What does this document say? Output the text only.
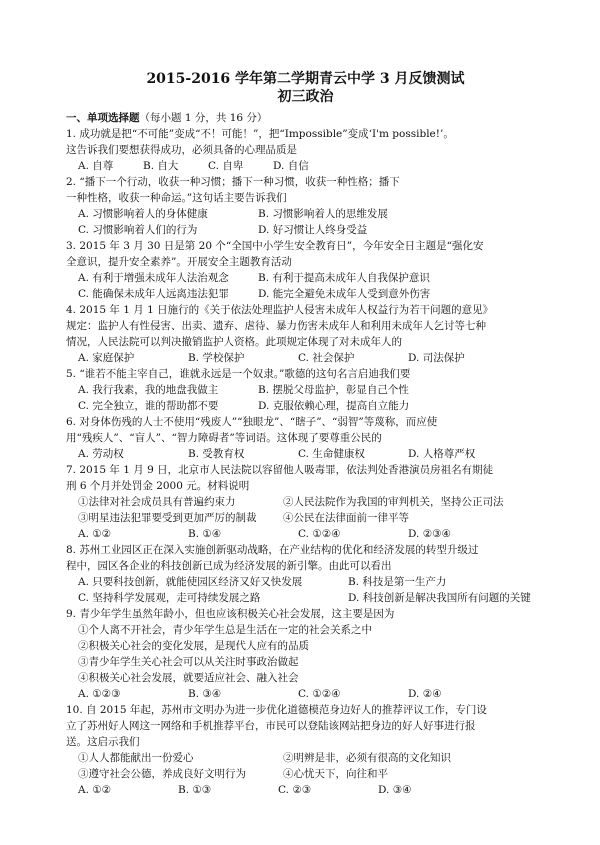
2015-2016 学年第二学期青云中学 3 月反馈测试
初三政治
一、单项选择题（每小题 1 分，共 16 分）
1. 成功就是把“不可能”变成“不！可能！”，把“Impossible”变成‘I'm possible!’。
这告诉我们要想获得成功，必须具备的心理品质是
A. 自尊	B. 自大	C. 自卑	D. 自信
2. “播下一个行动，收获一种习惯；播下一种习惯，收获一种性格；播下
一种性格，收获一种命运。”这句话主要告诉我们
A. 习惯影响着人的身体健康	B. 习惯影响着人的思维发展
C. 习惯影响着人们的行为	D. 好习惯让人终身受益
3. 2015 年 3 月 30 日是第 20 个“全国中小学生安全教育日”，今年安全日主题是“强化安
全意识，提升安全素养”。开展安全主题教育活动
A. 有利于增强未成年人法治观念	B. 有利于提高未成年人自我保护意识
C. 能确保未成年人远离违法犯罪	D. 能完全避免未成年人受到意外伤害
4. 2015 年 1 月 1 日施行的《关于依法处理监护人侵害未成年人权益行为若干问题的意见》
规定：监护人有性侵害、出卖、遗弃、虐待、暴力伤害未成年人和利用未成年人乞讨等七种
情况，人民法院可以判决撤销监护人资格。此项规定体现了对未成年人的
A. 家庭保护	B. 学校保护	C. 社会保护	D. 司法保护
5. “谁若不能主宰自己，谁就永远是一个奴隶。”歌德的这句名言启迪我们要
A. 我行我素，我的地盘我做主	B. 摆脱父母监护，彰显自己个性
C. 完全独立，谁的帮助都不要	D. 克服依赖心理，提高自立能力
6. 对身体伤残的人士不使用“残废人”“独眼龙”、“瞎子”、“弱智”等蔑称，而应使
用“残疾人”、“盲人”、“智力障碍者”等词语。这体现了要尊重公民的
A. 劳动权	B. 受教育权	C. 生命健康权	D. 人格尊严权
7. 2015 年 1 月 9 日，北京市人民法院以容留他人吸毒罪，依法判处香港演员房祖名有期徒
刑 6 个月并处罚金 2000 元。材料说明
①法律对社会成员具有普遍约束力	②人民法院作为我国的审判机关，坚持公正司法
③明星违法犯罪要受到更加严厉的制裁	④公民在法律面前一律平等
A. ①②	B. ①④	C. ①②④	D. ②③④
8. 苏州工业园区正在深入实施创新驱动战略，在产业结构的优化和经济发展的转型升级过
程中，园区各企业的科技创新已成为经济发展的新引擎。由此可以看出
A. 只要科技创新，就能使园区经济又好又快发展	B. 科技是第一生产力
C. 坚持科学发展观，走可持续发展之路	D. 科技创新是解决我国所有问题的关键
9. 青少年学生虽然年龄小，但也应该积极关心社会发展，这主要是因为
①个人离不开社会，青少年学生总是生活在一定的社会关系之中
②积极关心社会的变化发展，是现代人应有的品质
③青少年学生关心社会可以从关注时事政治做起
④积极关心社会发展，就要适应社会、融入社会
A. ①②③	B. ③④	C. ①②④	D. ②④
10. 自 2015 年起，苏州市文明办为进一步优化道德模范身边好人的推荐评议工作，专门设
立了苏州好人网这一网络和手机推荐平台，市民可以登陆该网站把身边的好人好事进行报
送。这启示我们
①人人都能献出一份爱心	②明辨是非，必须有很高的文化知识
③遵守社会公德，养成良好文明行为	④心忧天下，向往和平
A. ①②	B. ①③	C. ②③	D. ③④
